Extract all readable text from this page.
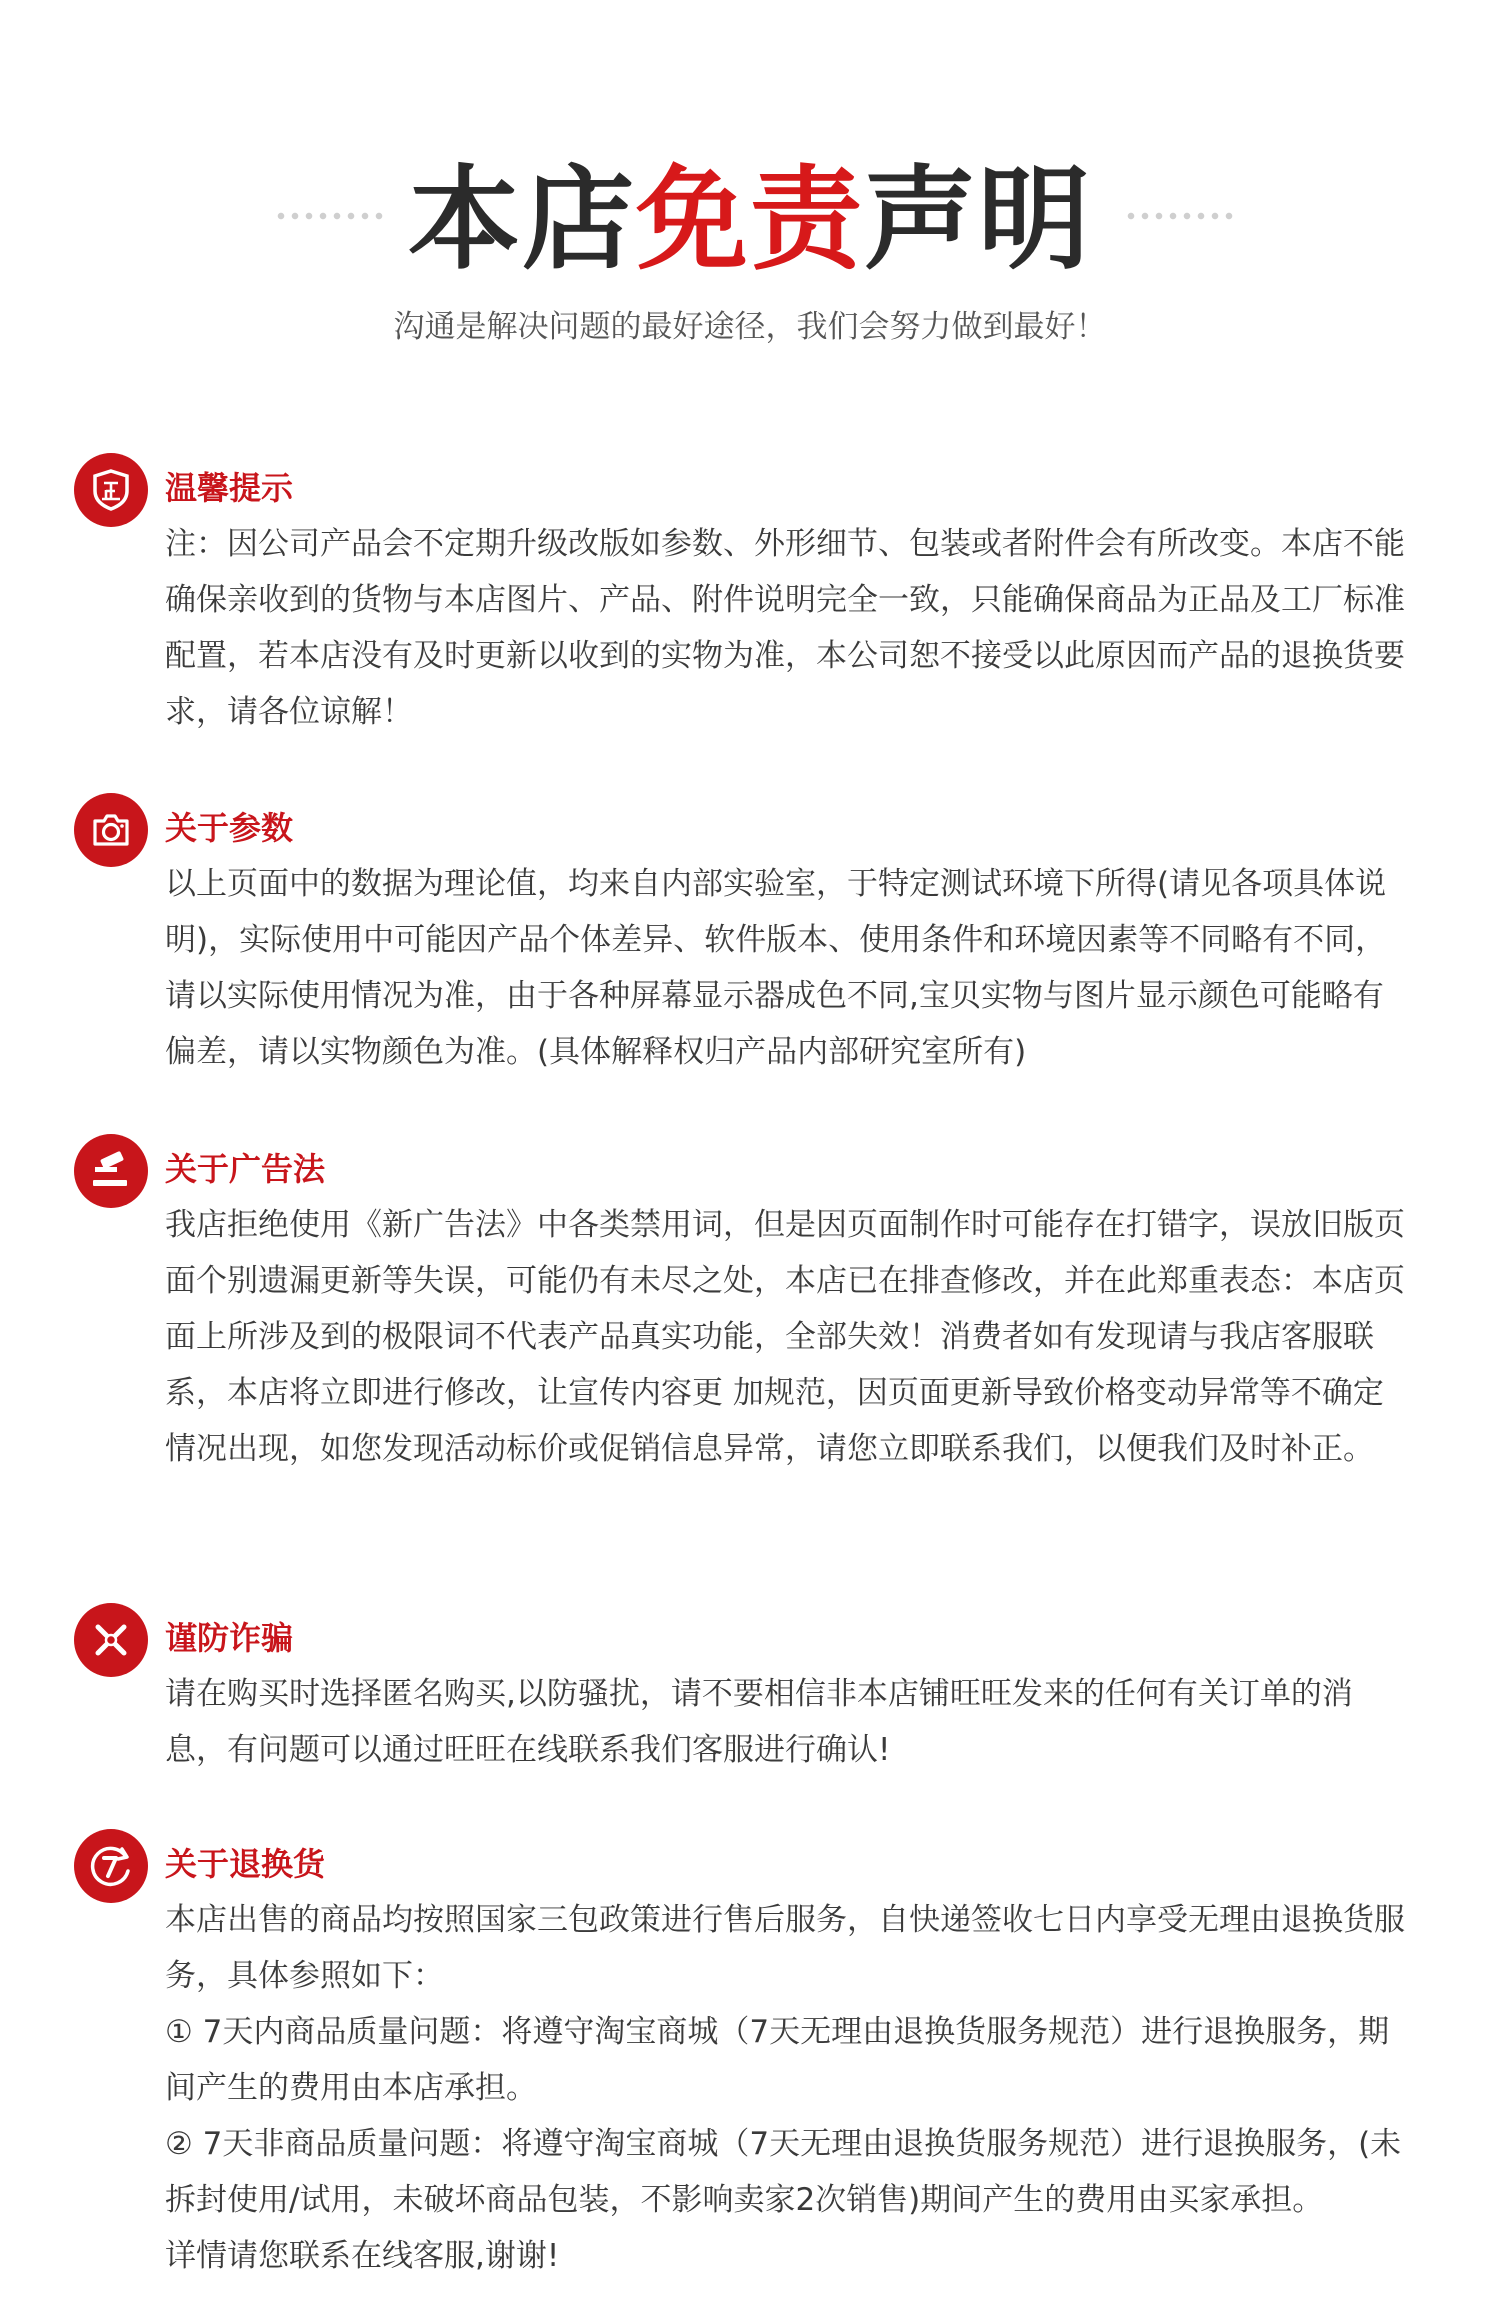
本店免责声明
沟通是解决问题的最好途径，我们会努力做到最好！
温馨提示

注：因公司产品会不定期升级改版如参数、外形细节、包装或者附件会有所改变。本店不能确保亲收到的货物与本店图片、产品、附件说明完全一致，只能确保商品为正品及工厂标准配置，若本店没有及时更新以收到的实物为准，本公司恕不接受以此原因而产品的退换货要求，请各位谅解！

关于参数

以上页面中的数据为理论值，均来自内部实验室，于特定测试环境下所得(请见各项具体说明)，实际使用中可能因产品个体差异、软件版本、使用条件和环境因素等不同略有不同，请以实际使用情况为准，由于各种屏幕显示器成色不同,宝贝实物与图片显示颜色可能略有偏差，请以实物颜色为准。(具体解释权归产品内部研究室所有)

关于广告法

我店拒绝使用《新广告法》中各类禁用词，但是因页面制作时可能存在打错字，误放旧版页面个别遗漏更新等失误，可能仍有未尽之处，本店已在排查修改，并在此郑重表态：本店页面上所涉及到的极限词不代表产品真实功能，全部失效！消费者如有发现请与我店客服联系，本店将立即进行修改，让宣传内容更 加规范，因页面更新导致价格变动异常等不确定情况出现，如您发现活动标价或促销信息异常，请您立即联系我们，以便我们及时补正。

谨防诈骗

请在购买时选择匿名购买,以防骚扰，请不要相信非本店铺旺旺发来的任何有关订单的消息，有问题可以通过旺旺在线联系我们客服进行确认!

关于退换货

本店出售的商品均按照国家三包政策进行售后服务，自快递签收七日内享受无理由退换货服务，具体参照如下：

① 7天内商品质量问题：将遵守淘宝商城（7天无理由退换货服务规范）进行退换服务，期间产生的费用由本店承担。

② 7天非商品质量问题：将遵守淘宝商城（7天无理由退换货服务规范）进行退换服务，(未拆封使用/试用，未破坏商品包装，不影响卖家2次销售)期间产生的费用由买家承担。

详情请您联系在线客服,谢谢!
